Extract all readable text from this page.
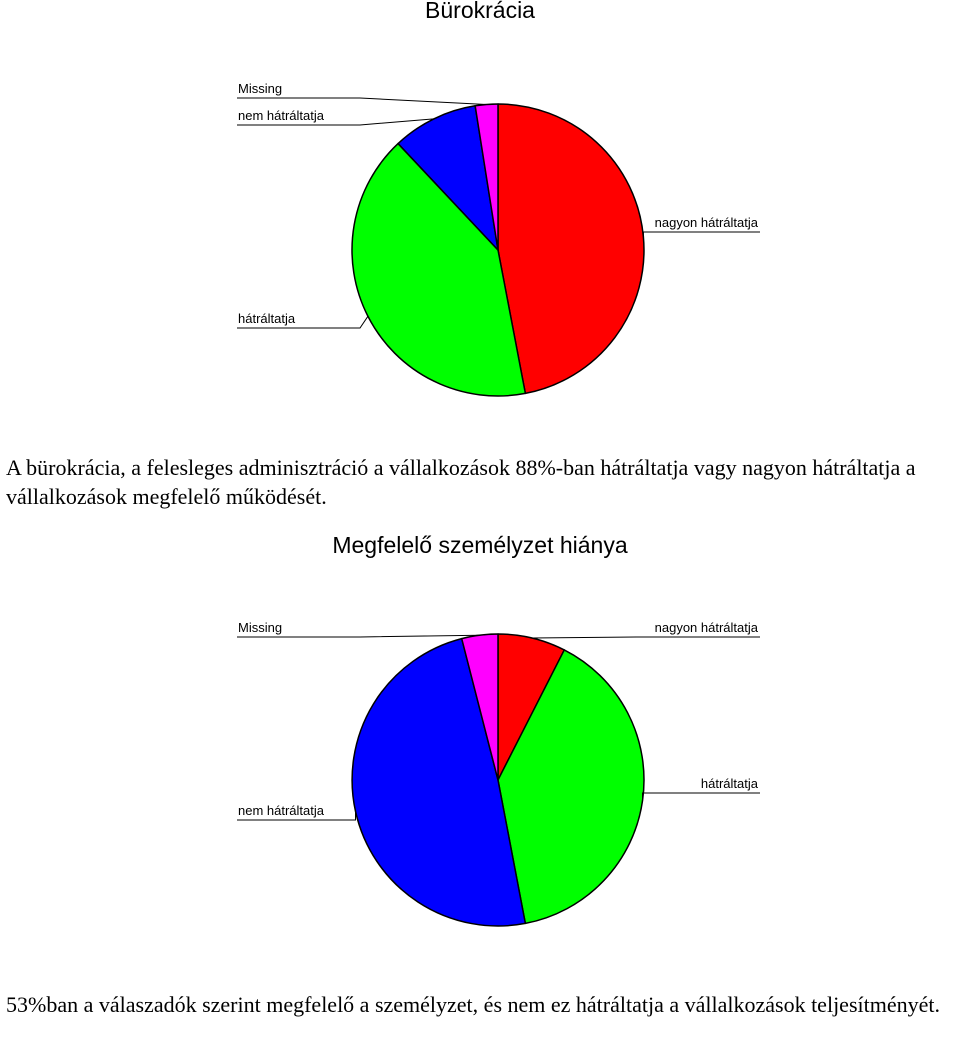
Bürokrácia
nagyon hátráltatja
hátráltatja
nem hátráltatja
Missing
A bürokrácia, a felesleges adminisztráció a vállalkozások 88%-ban hátráltatja vagy nagyon hátráltatja a vállalkozások megfelelő működését.
Megfelelő személyzet hiánya
nagyon hátráltatja
hátráltatja
nem hátráltatja
Missing
53%ban a válaszadók szerint megfelelő a személyzet, és nem ez hátráltatja a vállalkozások teljesítményét.
